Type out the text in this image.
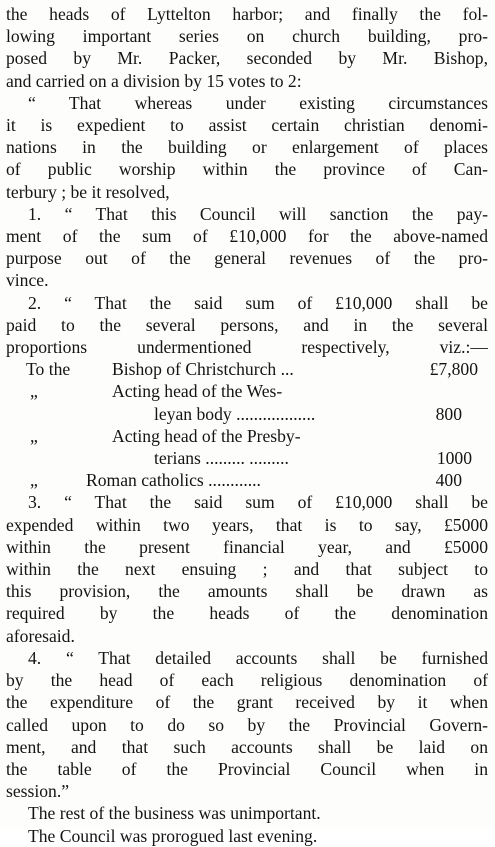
the heads of Lyttelton harbor; and finally the fol-
lowing important series on church building, pro-
posed by Mr. Packer, seconded by Mr. Bishop,
and carried on a division by 15 votes to 2:
“ That whereas under existing circumstances
it is expedient to assist certain christian denomi-
nations in the building or enlargement of places
of public worship within the province of Can-
terbury ; be it resolved,
1. “ That this Council will sanction the pay-
ment of the sum of £10,000 for the above-named
purpose out of the general revenues of the pro-
vince.
2. “ That the said sum of £10,000 shall be
paid to the several persons, and in the several
proportions undermentioned respectively, viz.:—
To the	Bishop of Christchurch ...	£7,800
„	Acting head of the Wes-
leyan body ..................	800
„	Acting head of the Presby-
terians ......... .........	1000
„	Roman catholics ............	400
3. “ That the said sum of £10,000 shall be
expended within two years, that is to say, £5000
within the present financial year, and £5000
within the next ensuing ; and that subject to
this provision, the amounts shall be drawn as
required by the heads of the denomination
aforesaid.
4. “ That detailed accounts shall be furnished
by the head of each religious denomination of
the expenditure of the grant received by it when
called upon to do so by the Provincial Govern-
ment, and that such accounts shall be laid on
the table of the Provincial Council when in
session.”
The rest of the business was unimportant.
The Council was prorogued last evening.
